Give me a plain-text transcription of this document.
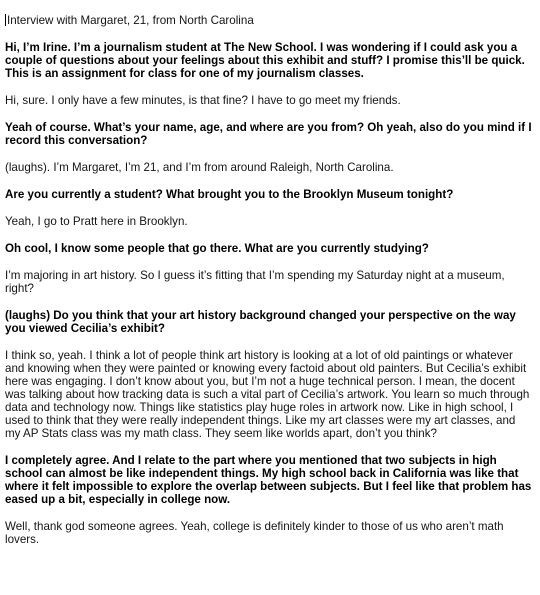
Interview with Margaret, 21, from North Carolina

Hi, I’m Irine. I’m a journalism student at The New School. I was wondering if I could ask you a couple of questions about your feelings about this exhibit and stuff? I promise this’ll be quick. This is an assignment for class for one of my journalism classes.

Hi, sure. I only have a few minutes, is that fine? I have to go meet my friends.

Yeah of course. What’s your name, age, and where are you from? Oh yeah, also do you mind if I record this conversation?

(laughs). I’m Margaret, I’m 21, and I’m from around Raleigh, North Carolina.

Are you currently a student? What brought you to the Brooklyn Museum tonight?

Yeah, I go to Pratt here in Brooklyn.

Oh cool, I know some people that go there. What are you currently studying?

I’m majoring in art history. So I guess it’s fitting that I’m spending my Saturday night at a museum, right?

(laughs) Do you think that your art history background changed your perspective on the way you viewed Cecilia’s exhibit?

I think so, yeah. I think a lot of people think art history is looking at a lot of old paintings or whatever and knowing when they were painted or knowing every factoid about old painters. But Cecilia’s exhibit here was engaging. I don’t know about you, but I’m not a huge technical person. I mean, the docent was talking about how tracking data is such a vital part of Cecilia’s artwork. You learn so much through data and technology now. Things like statistics play huge roles in artwork now. Like in high school, I used to think that they were really independent things. Like my art classes were my art classes, and my AP Stats class was my math class. They seem like worlds apart, don’t you think?

I completely agree. And I relate to the part where you mentioned that two subjects in high school can almost be like independent things. My high school back in California was like that where it felt impossible to explore the overlap between subjects. But I feel like that problem has eased up a bit, especially in college now.

Well, thank god someone agrees. Yeah, college is definitely kinder to those of us who aren’t math lovers.
